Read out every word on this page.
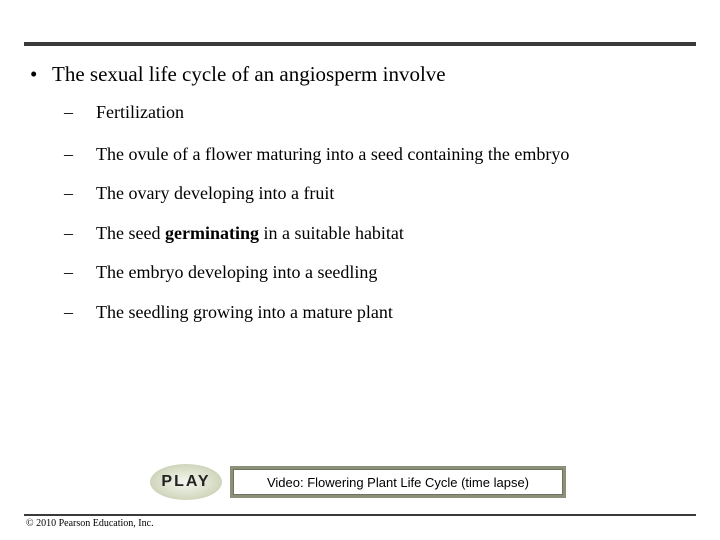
• The sexual life cycle of an angiosperm involve
– Fertilization
– The ovule of a flower maturing into a seed containing the embryo
– The ovary developing into a fruit
– The seed germinating in a suitable habitat
– The embryo developing into a seedling
– The seedling growing into a mature plant
PLAY	Video: Flowering Plant Life Cycle (time lapse)
© 2010 Pearson Education, Inc.
